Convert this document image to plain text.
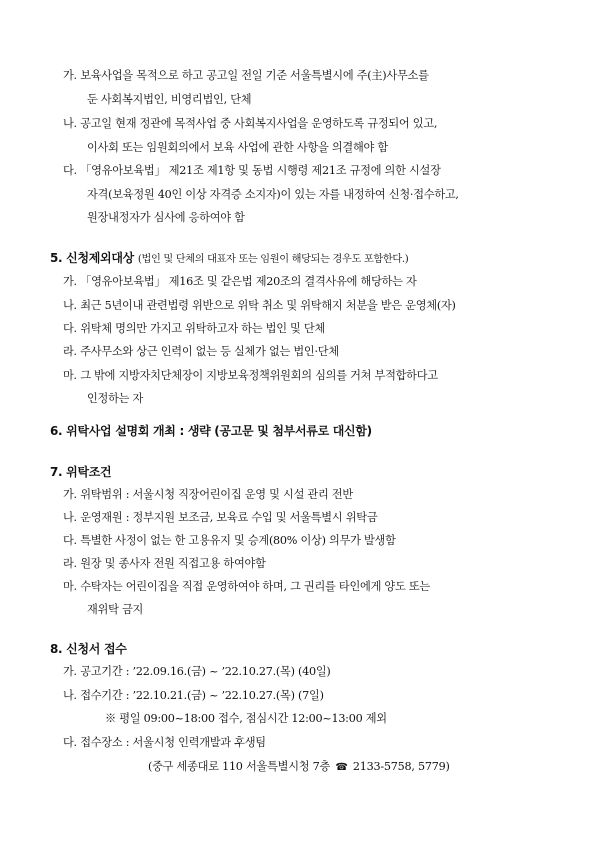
가. 보육사업을 목적으로 하고 공고일 전일 기준 서울특별시에 주(主)사무소를
둔 사회복지법인, 비영리법인, 단체
나. 공고일 현재 정관에 목적사업 중 사회복지사업을 운영하도록 규정되어 있고,
이사회 또는 임원회의에서 보육 사업에 관한 사항을 의결해야 함
다. 「영유아보육법」 제21조 제1항 및 동법 시행령 제21조 규정에 의한 시설장
자격(보육정원 40인 이상 자격증 소지자)이 있는 자를 내정하여 신청·접수하고,
원장내정자가 심사에 응하여야 함
5. 신청제외대상 (법인 및 단체의 대표자 또는 임원이 해당되는 경우도 포함한다.)
가. 「영유아보육법」 제16조 및 같은법 제20조의 결격사유에 해당하는 자
나. 최근 5년이내 관련법령 위반으로 위탁 취소 및 위탁해지 처분을 받은 운영체(자)
다. 위탁체 명의만 가지고 위탁하고자 하는 법인 및 단체
라. 주사무소와 상근 인력이 없는 등 실체가 없는 법인·단체
마. 그 밖에 지방자치단체장이 지방보육정책위원회의 심의를 거쳐 부적합하다고
인정하는 자
6. 위탁사업 설명회 개최 : 생략 (공고문 및 첨부서류로 대신함)
7. 위탁조건
가. 위탁범위 : 서울시청 직장어린이집 운영 및 시설 관리 전반
나. 운영재원 : 정부지원 보조금, 보육료 수입 및 서울특별시 위탁금
다. 특별한 사정이 없는 한 고용유지 및 승계(80% 이상) 의무가 발생함
라. 원장 및 종사자 전원 직접고용 하여야함
마. 수탁자는 어린이집을 직접 운영하여야 하며, 그 권리를 타인에게 양도 또는
재위탁 금지
8. 신청서 접수
가. 공고기간 : ’22.09.16.(금) ~ ’22.10.27.(목) (40일)
나. 접수기간 : ’22.10.21.(금) ~ ’22.10.27.(목) (7일)
※ 평일 09:00~18:00 접수, 점심시간 12:00~13:00 제외
다. 접수장소 : 서울시청 인력개발과 후생팀
(중구 세종대로 110 서울특별시청 7층 ☎ 2133-5758, 5779)
